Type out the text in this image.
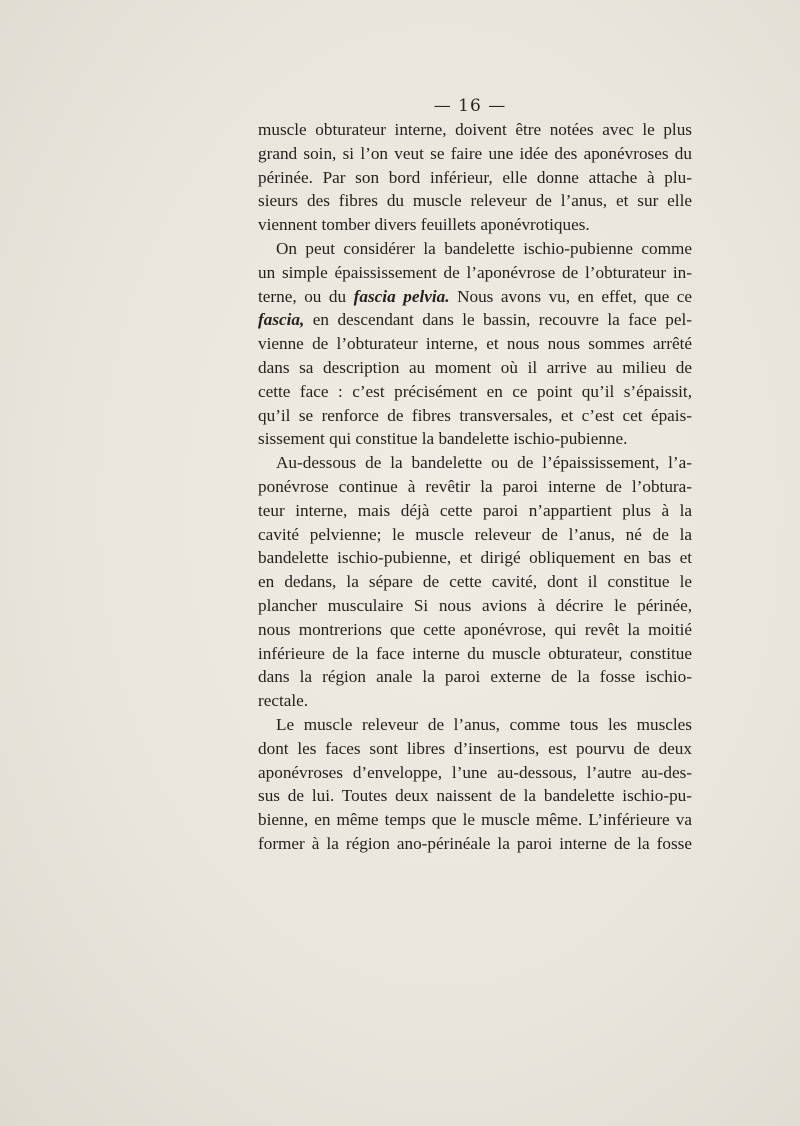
— 16 —
muscle obturateur interne, doivent être notées avec le plus
grand soin, si l’on veut se faire une idée des aponévroses du
périnée. Par son bord inférieur, elle donne attache à plu-
sieurs des fibres du muscle releveur de l’anus, et sur elle
viennent tomber divers feuillets aponévrotiques.
On peut considérer la bandelette ischio-pubienne comme
un simple épaississement de l’aponévrose de l’obturateur in-
terne, ou du fascia pelvia. Nous avons vu, en effet, que ce
fascia, en descendant dans le bassin, recouvre la face pel-
vienne de l’obturateur interne, et nous nous sommes arrêté
dans sa description au moment où il arrive au milieu de
cette face : c’est précisément en ce point qu’il s’épaissit,
qu’il se renforce de fibres transversales, et c’est cet épais-
sissement qui constitue la bandelette ischio-pubienne.
Au-dessous de la bandelette ou de l’épaississement, l’a-
ponévrose continue à revêtir la paroi interne de l’obtura-
teur interne, mais déjà cette paroi n’appartient plus à la
cavité pelvienne; le muscle releveur de l’anus, né de la
bandelette ischio-pubienne, et dirigé obliquement en bas et
en dedans, la sépare de cette cavité, dont il constitue le
plancher musculaire Si nous avions à décrire le périnée,
nous montrerions que cette aponévrose, qui revêt la moitié
inférieure de la face interne du muscle obturateur, constitue
dans la région anale la paroi externe de la fosse ischio-
rectale.
Le muscle releveur de l’anus, comme tous les muscles
dont les faces sont libres d’insertions, est pourvu de deux
aponévroses d’enveloppe, l’une au-dessous, l’autre au-des-
sus de lui. Toutes deux naissent de la bandelette ischio-pu-
bienne, en même temps que le muscle même. L’inférieure va
former à la région ano-périnéale la paroi interne de la fosse
